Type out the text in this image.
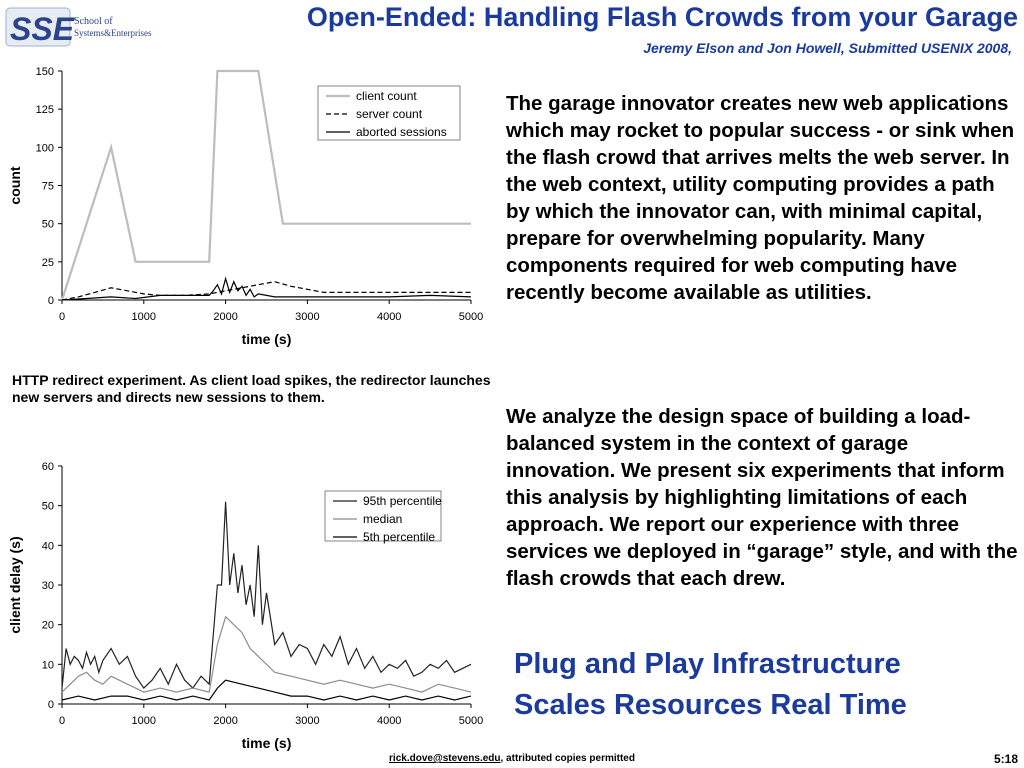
SSE School of
Systems&Enterprises
Open-Ended: Handling Flash Crowds from your Garage
Jeremy Elson and Jon Howell, Submitted USENIX 2008,
0
25
50
75
100
125
150
0	1000	2000	3000	4000	5000
time (s)
count
client count
server count
aborted sessions
HTTP redirect experiment. As client load spikes, the redirector launches new servers and directs new sessions to them.
0
10
20
30
40
50
60
0	1000	2000	3000	4000	5000
time (s)
client delay (s)
95th percentile
median
5th percentile
The garage innovator creates new web applications which may rocket to popular success - or sink when the flash crowd that arrives melts the web server. In the web context, utility computing provides a path by which the innovator can, with minimal capital, prepare for overwhelming popularity. Many components required for web computing have recently become available as utilities.
We analyze the design space of building a load-balanced system in the context of garage innovation. We present six experiments that inform this analysis by highlighting limitations of each approach. We report our experience with three services we deployed in “garage” style, and with the flash crowds that each drew.
Plug and Play Infrastructure
Scales Resources Real Time
rick.dove@stevens.edu, attributed copies permitted	5:18
